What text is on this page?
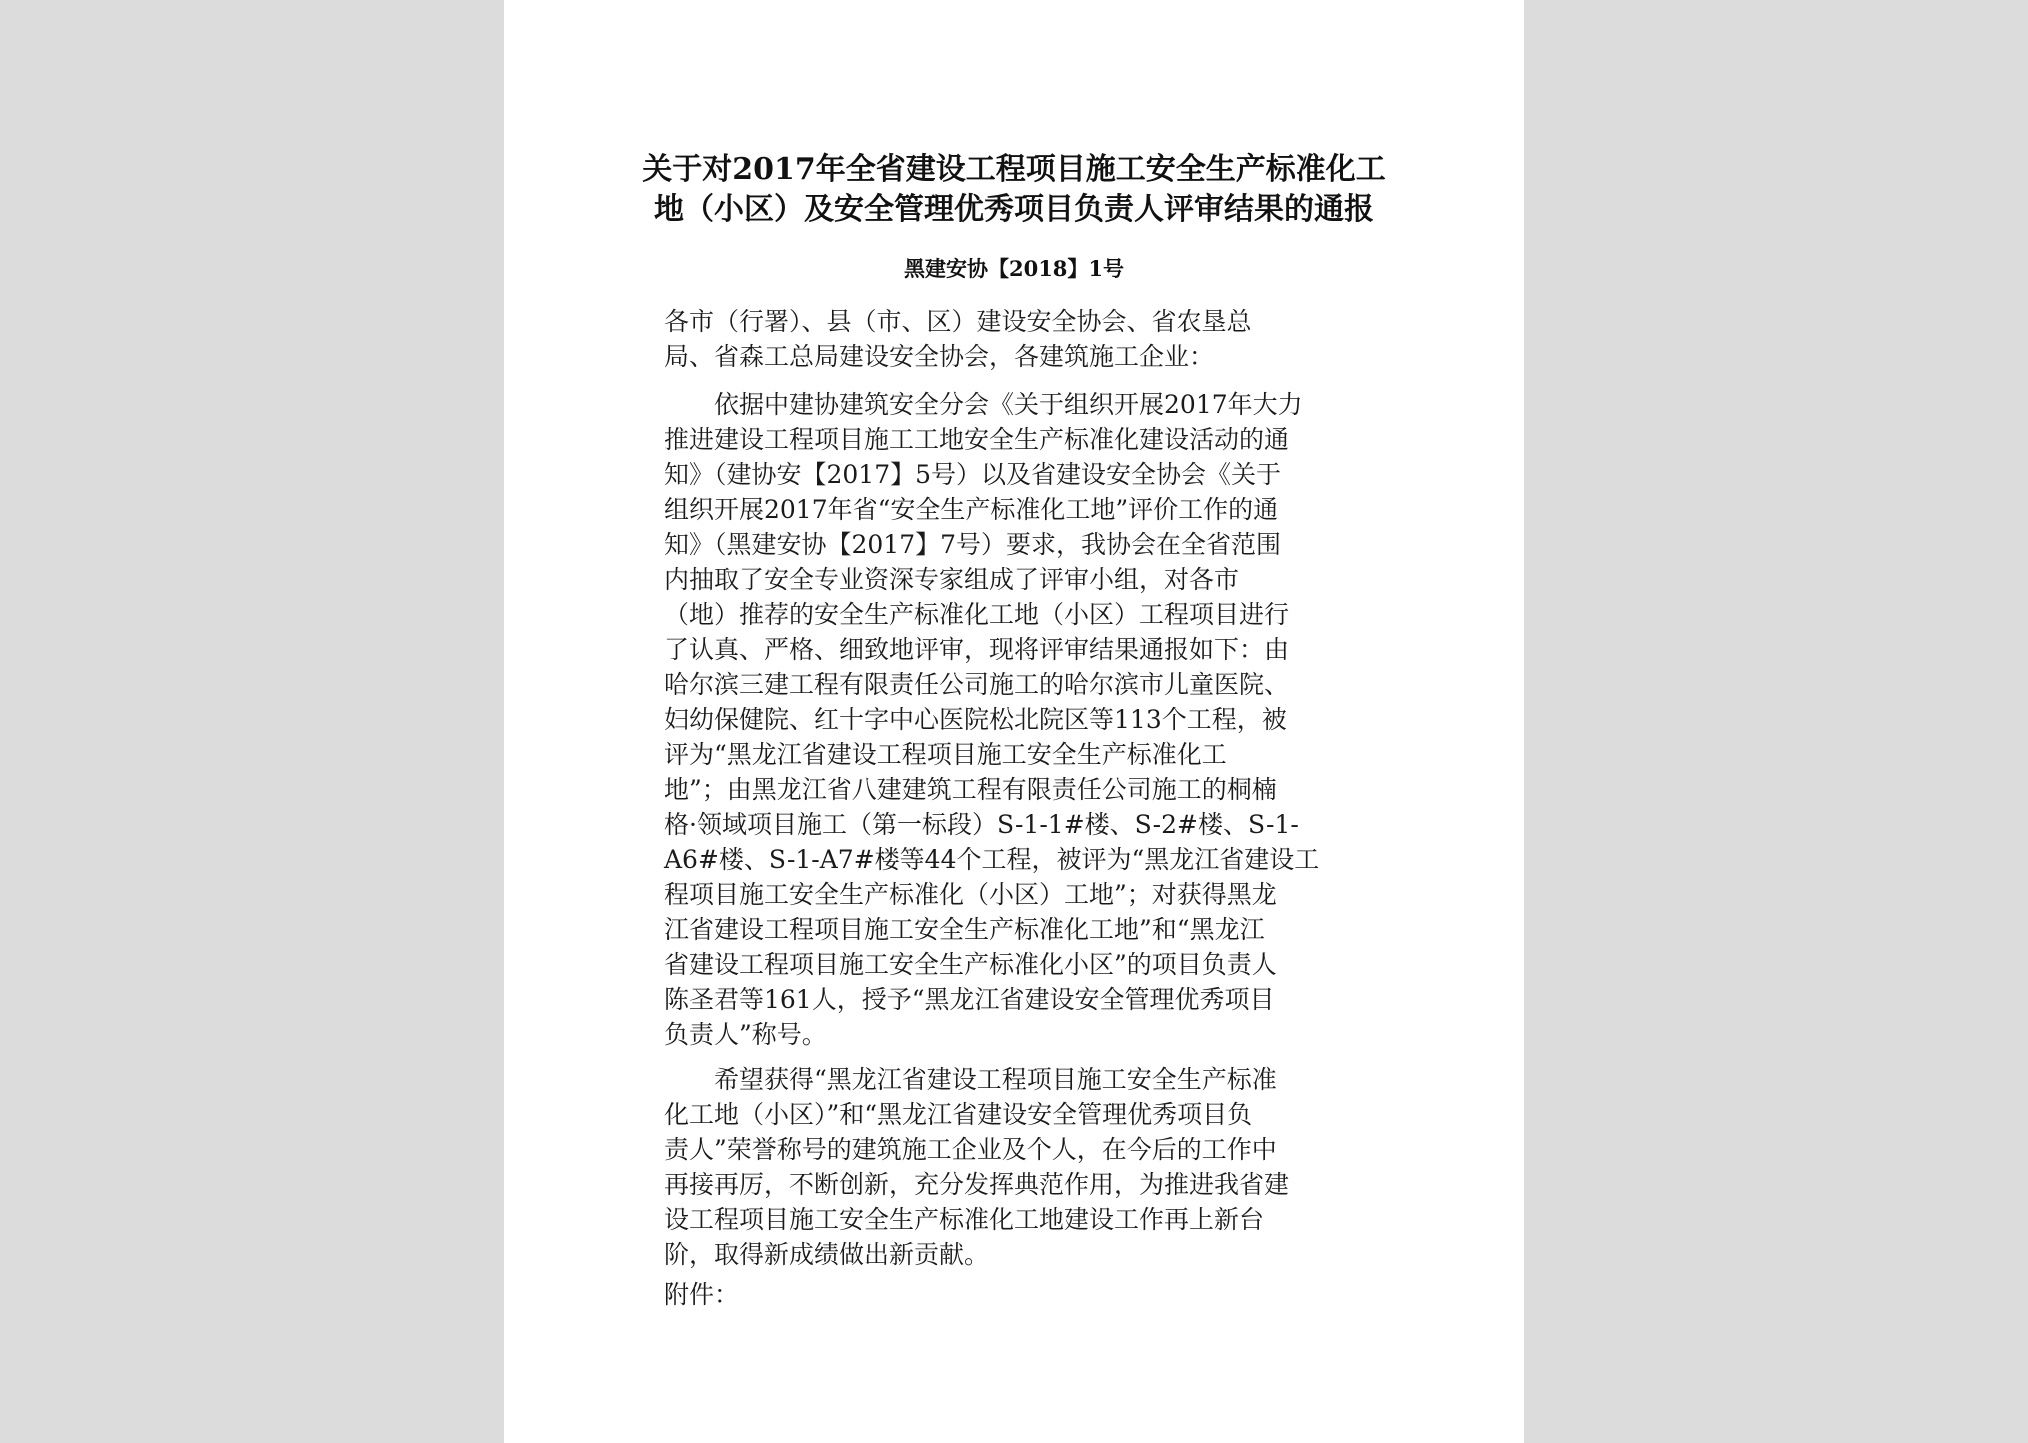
关于对2017年全省建设工程项目施工安全生产标准化工
地（小区）及安全管理优秀项目负责人评审结果的通报
黑建安协【2018】1号
各市（行署）、县（市、区）建设安全协会、省农垦总
局、省森工总局建设安全协会，各建筑施工企业：
依据中建协建筑安全分会《关于组织开展2017年大力
推进建设工程项目施工工地安全生产标准化建设活动的通
知》（建协安【2017】5号）以及省建设安全协会《关于
组织开展2017年省“安全生产标准化工地”评价工作的通
知》（黑建安协【2017】7号）要求，我协会在全省范围
内抽取了安全专业资深专家组成了评审小组，对各市
（地）推荐的安全生产标准化工地（小区）工程项目进行
了认真、严格、细致地评审，现将评审结果通报如下：由
哈尔滨三建工程有限责任公司施工的哈尔滨市儿童医院、
妇幼保健院、红十字中心医院松北院区等113个工程，被
评为“黑龙江省建设工程项目施工安全生产标准化工
地”；由黑龙江省八建建筑工程有限责任公司施工的桐楠
格·领域项目施工（第一标段）S-1-1#楼、S-2#楼、S-1-
A6#楼、S-1-A7#楼等44个工程，被评为“黑龙江省建设工
程项目施工安全生产标准化（小区）工地”；对获得黑龙
江省建设工程项目施工安全生产标准化工地”和“黑龙江
省建设工程项目施工安全生产标准化小区”的项目负责人
陈圣君等161人，授予“黑龙江省建设安全管理优秀项目
负责人”称号。
希望获得“黑龙江省建设工程项目施工安全生产标准
化工地（小区）”和“黑龙江省建设安全管理优秀项目负
责人”荣誉称号的建筑施工企业及个人，在今后的工作中
再接再厉，不断创新，充分发挥典范作用，为推进我省建
设工程项目施工安全生产标准化工地建设工作再上新台
阶，取得新成绩做出新贡献。
附件：
